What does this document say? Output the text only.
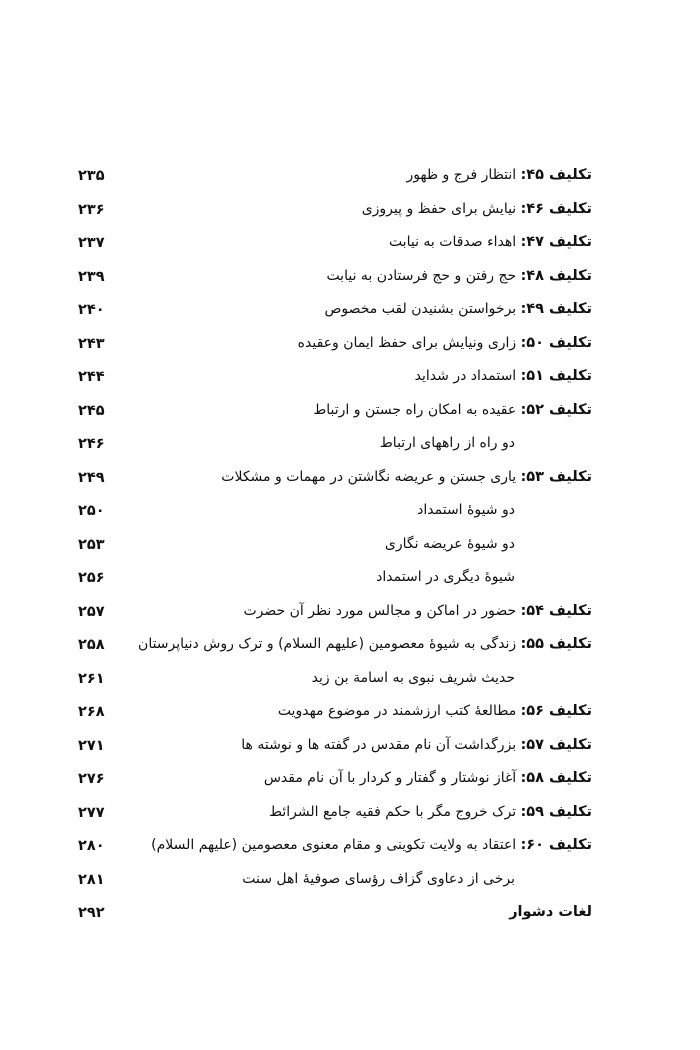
تکلیف ۴۵: انتظار فرج و ظهور
۲۳۵
تکلیف ۴۶: نیایش برای حفظ و پیروزی
۲۳۶
تکلیف ۴۷: اهداء صدقات به نیابت
۲۳۷
تکلیف ۴۸: حج رفتن و حج فرستادن به نیابت
۲۳۹
تکلیف ۴۹: برخواستن بشنیدن لقب مخصوص
۲۴۰
تکلیف ۵۰: زاری ونیایش برای حفظ ایمان وعقیده
۲۴۳
تکلیف ۵۱: استمداد در شداید
۲۴۴
تکلیف ۵۲: عقیده به امکان راه جستن و ارتباط
۲۴۵
دو راه از راههای ارتباط
۲۴۶
تکلیف ۵۳: یاری جستن و عریضه نگاشتن در مهمات و مشکلات
۲۴۹
دو شیوهٔ استمداد
۲۵۰
دو شیوهٔ عریضه نگاری
۲۵۳
شیوهٔ دیگری در استمداد
۲۵۶
تکلیف ۵۴: حضور در اماکن و مجالس مورد نظر آن حضرت
۲۵۷
تکلیف ۵۵: زندگی به شیوهٔ معصومین (علیهم السلام) و ترک روش دنیاپرستان
۲۵۸
حدیث شریف نبوی به اسامة بن زید
۲۶۱
تکلیف ۵۶: مطالعهٔ کتب ارزشمند در موضوع مهدویت
۲۶۸
تکلیف ۵۷: بزرگداشت آن نام مقدس در گفته ها و نوشته ها
۲۷۱
تکلیف ۵۸: آغاز نوشتار و گفتار و کردار با آن نام مقدس
۲۷۶
تکلیف ۵۹: ترک خروج مگر با حکم فقیه جامع الشرائط
۲۷۷
تکلیف ۶۰: اعتقاد به ولایت تکوینی و مقام معنوی معصومین (علیهم السلام)
۲۸۰
برخی از دعاوی گزاف رؤسای صوفیهٔ اهل سنت
۲۸۱
لغات دشوار
۲۹۲
